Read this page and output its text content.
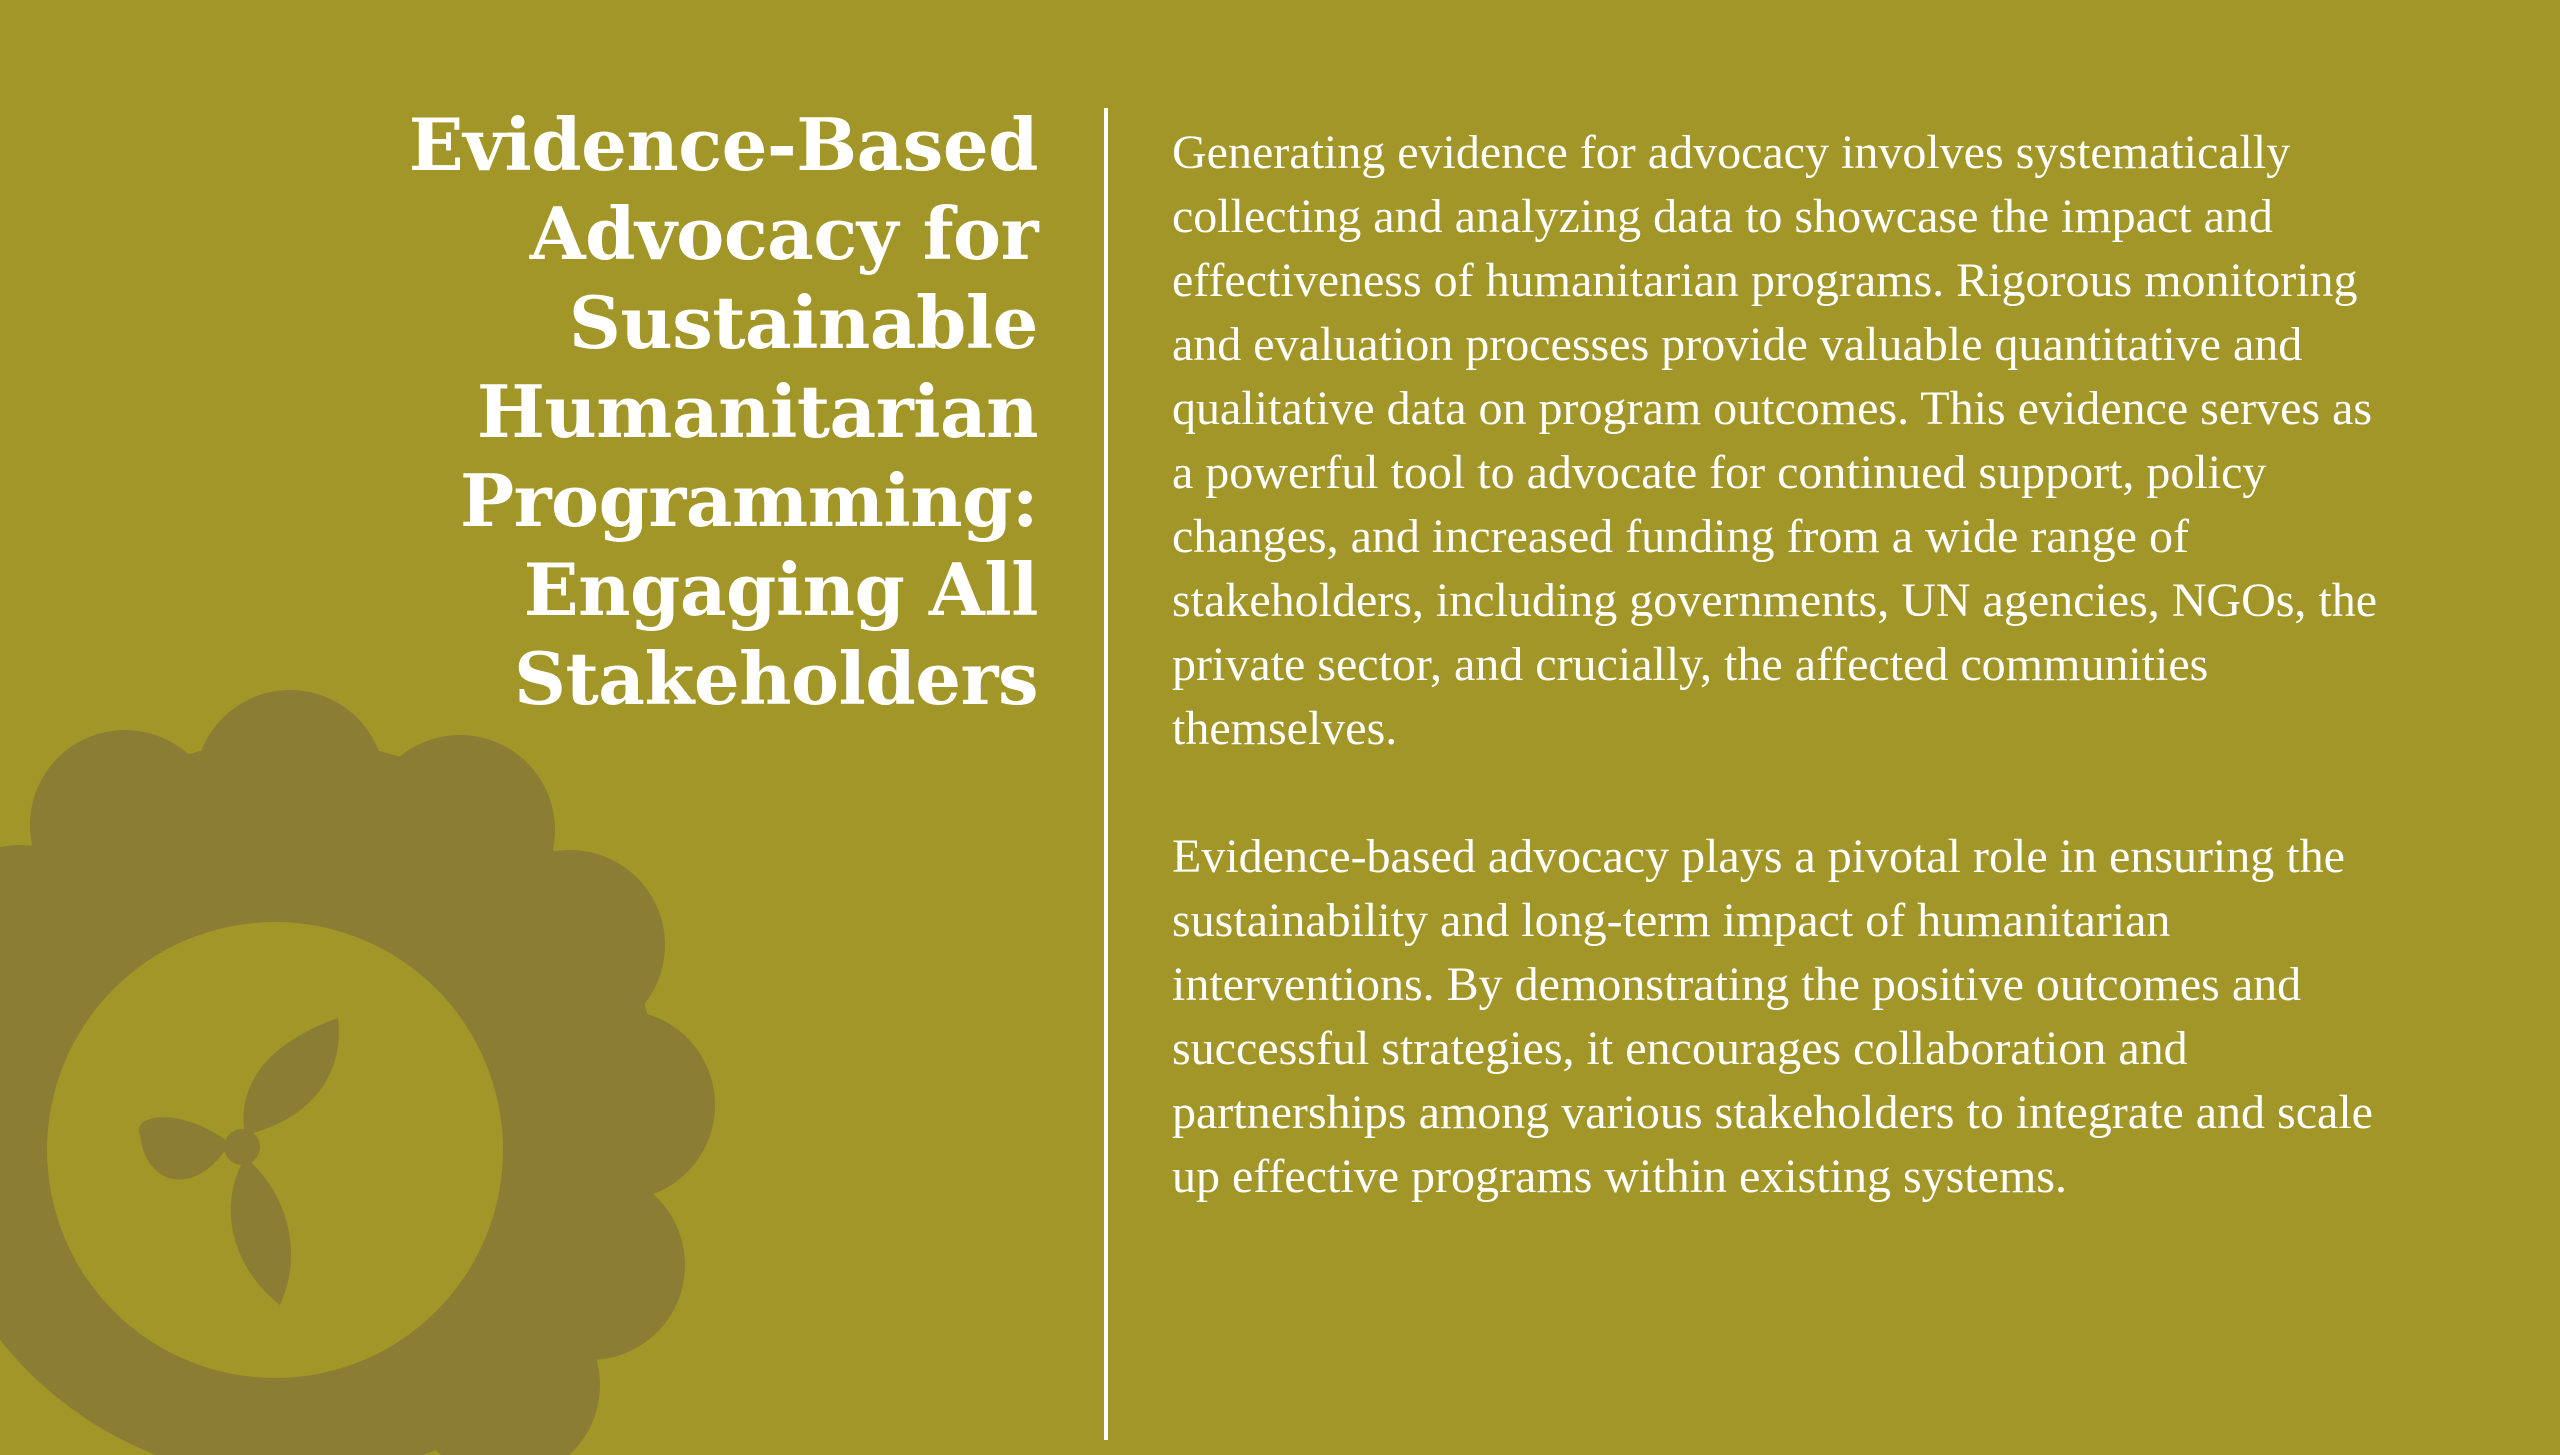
Evidence-Based Advocacy for Sustainable Humanitarian Programming: Engaging All Stakeholders

Generating evidence for advocacy involves systematically collecting and analyzing data to showcase the impact and effectiveness of humanitarian programs. Rigorous monitoring and evaluation processes provide valuable quantitative and qualitative data on program outcomes. This evidence serves as a powerful tool to advocate for continued support, policy changes, and increased funding from a wide range of stakeholders, including governments, UN agencies, NGOs, the private sector, and crucially, the affected communities themselves.

Evidence-based advocacy plays a pivotal role in ensuring the sustainability and long-term impact of humanitarian interventions. By demonstrating the positive outcomes and successful strategies, it encourages collaboration and partnerships among various stakeholders to integrate and scale up effective programs within existing systems.
